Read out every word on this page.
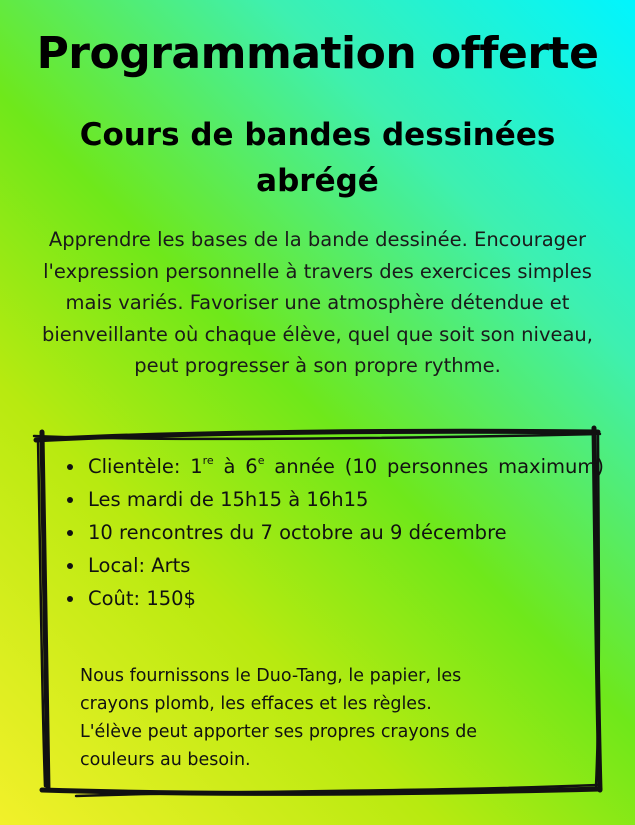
Programmation offerte
Cours de bandes dessinées abrégé

Apprendre les bases de la bande dessinée. Encourager l'expression personnelle à travers des exercices simples mais variés. Favoriser une atmosphère détendue et bienveillante où chaque élève, quel que soit son niveau, peut progresser à son propre rythme.

• Clientèle: 1re à 6e année (10 personnes maximum)
• Les mardi de 15h15 à 16h15
• 10 rencontres du 7 octobre au 9 décembre
• Local: Arts
• Coût: 150$
Nous fournissons le Duo-Tang, le papier, les
crayons plomb, les effaces et les règles.
L'élève peut apporter ses propres crayons de
couleurs au besoin.
